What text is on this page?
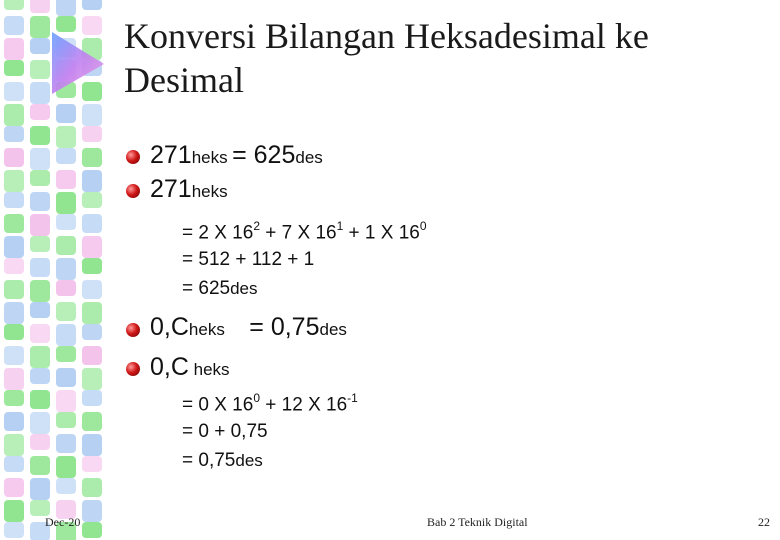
Konversi Bilangan Heksadesimal ke
Desimal
271heks = 625des
271heks
= 2 X $16^2 + 7$ X $16^1 + 1$ X $16^0$
= 512 + 112 + 1
= 625des
0,Cheks = 0,75des
0,C heks
= 0 X $16^0 + 12$ X $16^{-1}$
= 0 + 0,75
= 0,75des
Dec-20	Bab 2 Teknik Digital	22
